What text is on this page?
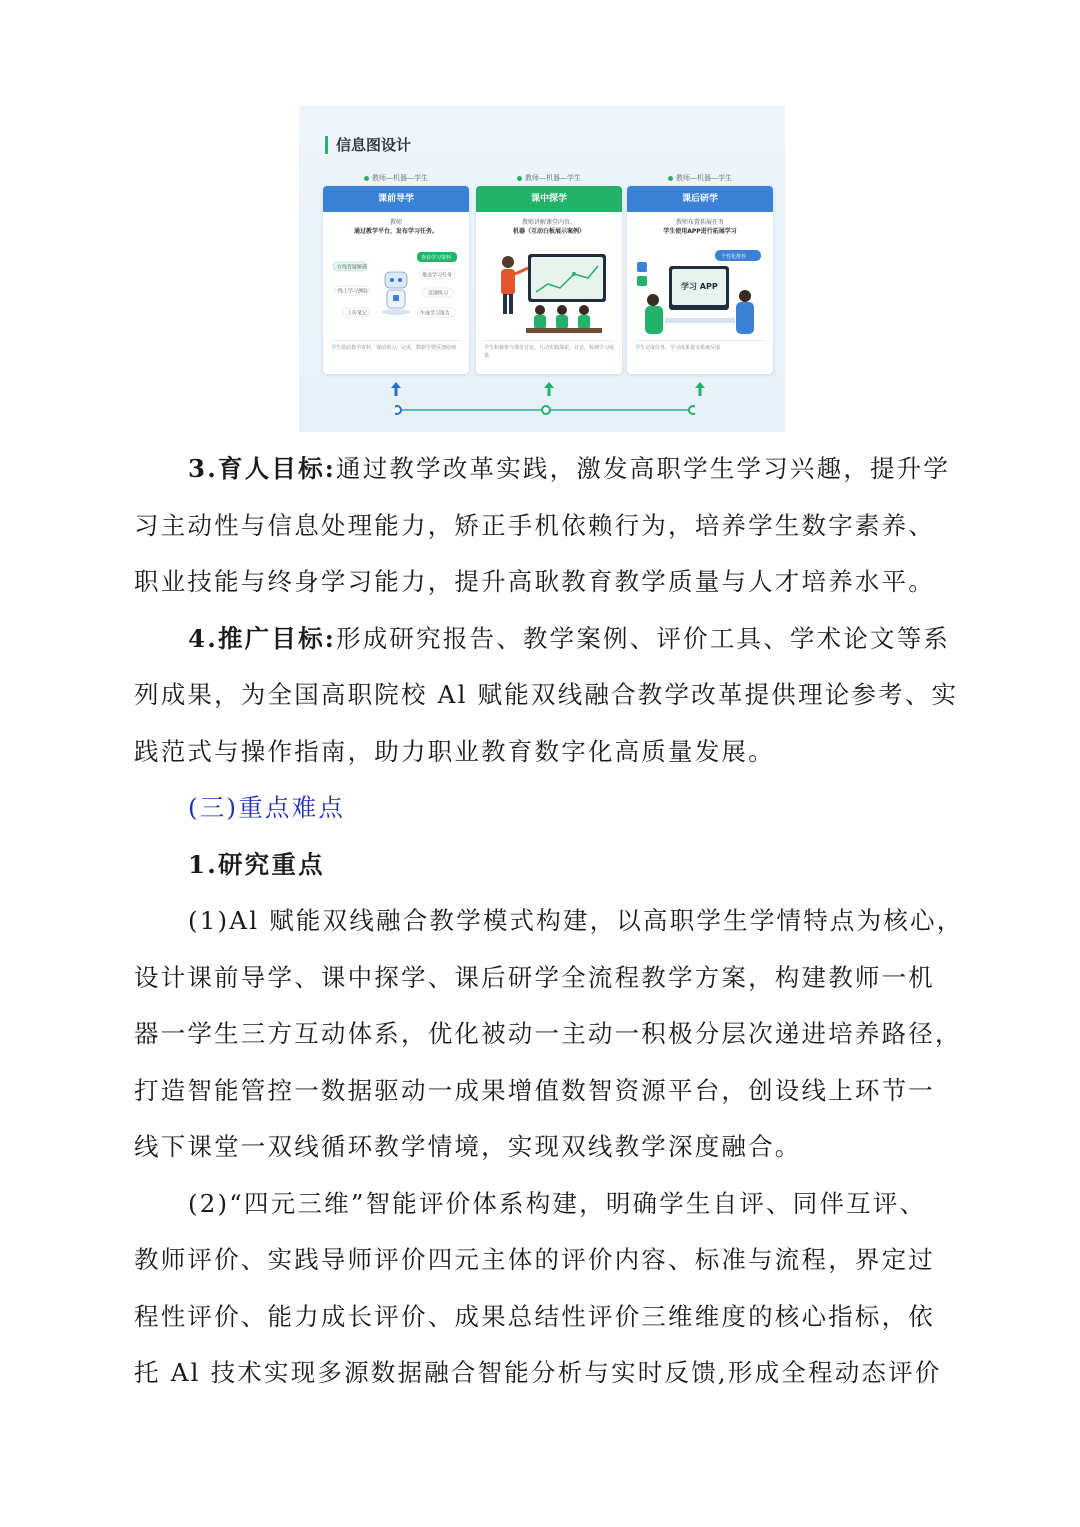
信息图设计
教师—机器—学生
课前导学
教师
通过教学平台，发布学习任务。
在线答疑解惑
查看学习资料
推送学习任务
线上学习测验	反馈练习
上传笔记	生成学习报告
学生借助教学资料，课前预习，完成，数据学情反馈给师
教师—机器—学生
课中探学
教师讲解课堂内容，
机器（互动白板展示案例）
学生积极参与课堂讨论，互动实践探索，讨论，检测学习成果
教师—机器—学生
课后研学
教师布置拓展任务
学生使用APP进行拓展学习
个性化推荐
学习 APP
学生完成任务，学习成果提交系统反馈
3.育人目标:通过教学改革实践，激发高职学生学习兴趣，提升学
习主动性与信息处理能力，矫正手机依赖行为，培养学生数字素养、
职业技能与终身学习能力，提升高耿教育教学质量与人才培养水平。
4.推广目标:形成研究报告、教学案例、评价工具、学术论文等系
列成果，为全国高职院校 Al 赋能双线融合教学改革提供理论参考、实
践范式与操作指南，助力职业教育数字化高质量发展。
(三)重点难点
1.研究重点
(1)Al 赋能双线融合教学模式构建，以高职学生学情特点为核心，
设计课前导学、课中探学、课后研学全流程教学方案，构建教师一机
器一学生三方互动体系，优化被动一主动一积极分层次递进培养路径，
打造智能管控一数据驱动一成果增值数智资源平台，创设线上环节一
线下课堂一双线循环教学情境，实现双线教学深度融合。
(2)“四元三维”智能评价体系构建，明确学生自评、同伴互评、
教师评价、实践导师评价四元主体的评价内容、标准与流程，界定过
程性评价、能力成长评价、成果总结性评价三维维度的核心指标，依
托 Al 技术实现多源数据融合智能分析与实时反馈,形成全程动态评价
